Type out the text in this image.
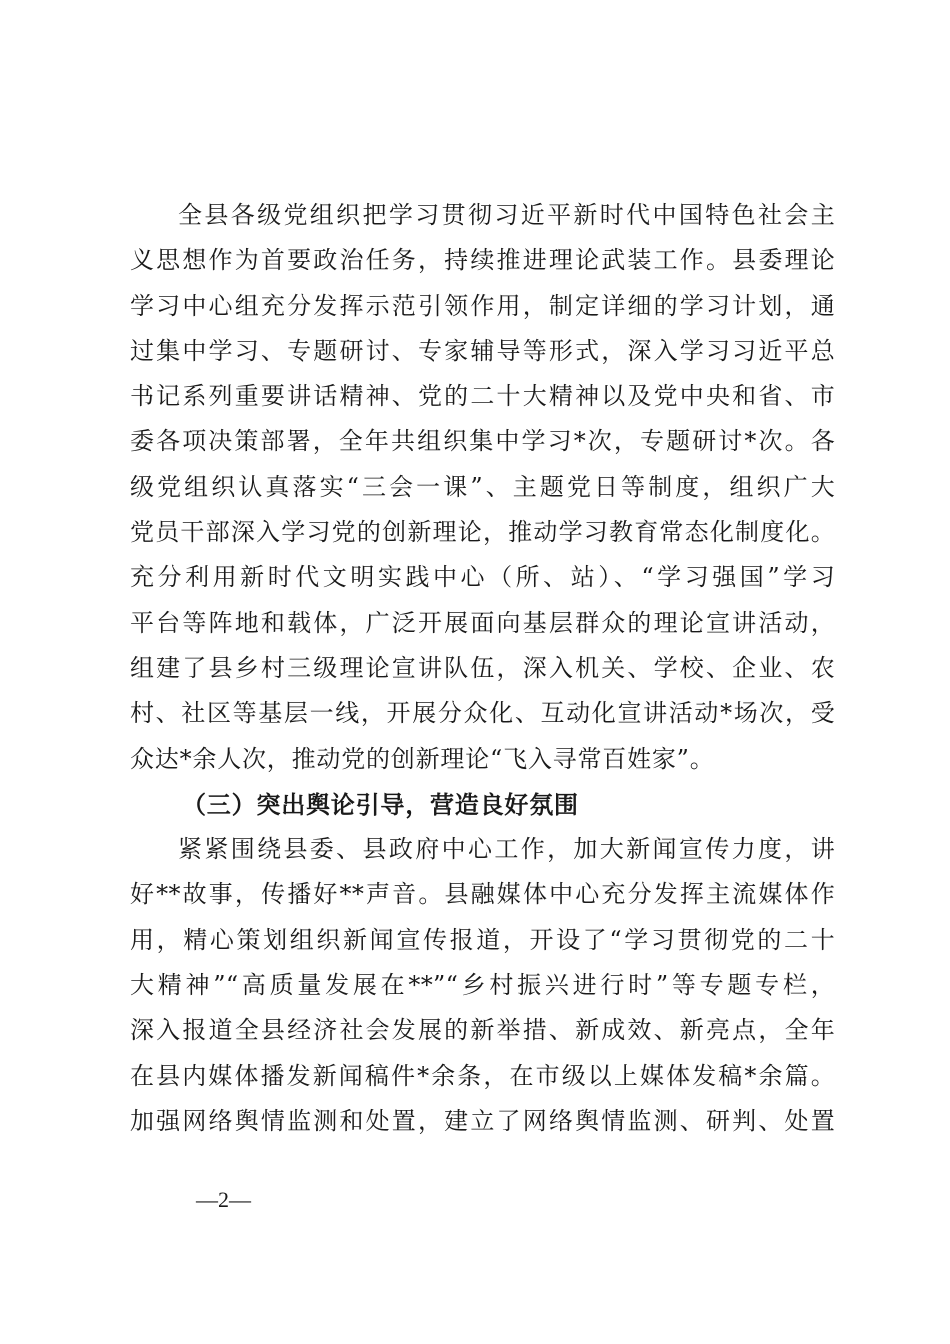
全县各级党组织把学习贯彻习近平新时代中国特色社会主
义思想作为首要政治任务，持续推进理论武装工作。县委理论
学习中心组充分发挥示范引领作用，制定详细的学习计划，通
过集中学习、专题研讨、专家辅导等形式，深入学习习近平总
书记系列重要讲话精神、党的二十大精神以及党中央和省、市
委各项决策部署，全年共组织集中学习*次，专题研讨*次。各
级党组织认真落实“三会一课”、主题党日等制度，组织广大
党员干部深入学习党的创新理论，推动学习教育常态化制度化。
充分利用新时代文明实践中心（所、站）、“学习强国”学习
平台等阵地和载体，广泛开展面向基层群众的理论宣讲活动，
组建了县乡村三级理论宣讲队伍，深入机关、学校、企业、农
村、社区等基层一线，开展分众化、互动化宣讲活动*场次，受
众达*余人次，推动党的创新理论“飞入寻常百姓家”。
（三）突出舆论引导，营造良好氛围
紧紧围绕县委、县政府中心工作，加大新闻宣传力度，讲
好**故事，传播好**声音。县融媒体中心充分发挥主流媒体作
用，精心策划组织新闻宣传报道，开设了“学习贯彻党的二十
大精神”“高质量发展在**”“乡村振兴进行时”等专题专栏，
深入报道全县经济社会发展的新举措、新成效、新亮点，全年
在县内媒体播发新闻稿件*余条，在市级以上媒体发稿*余篇。
加强网络舆情监测和处置，建立了网络舆情监测、研判、处置
—2—
